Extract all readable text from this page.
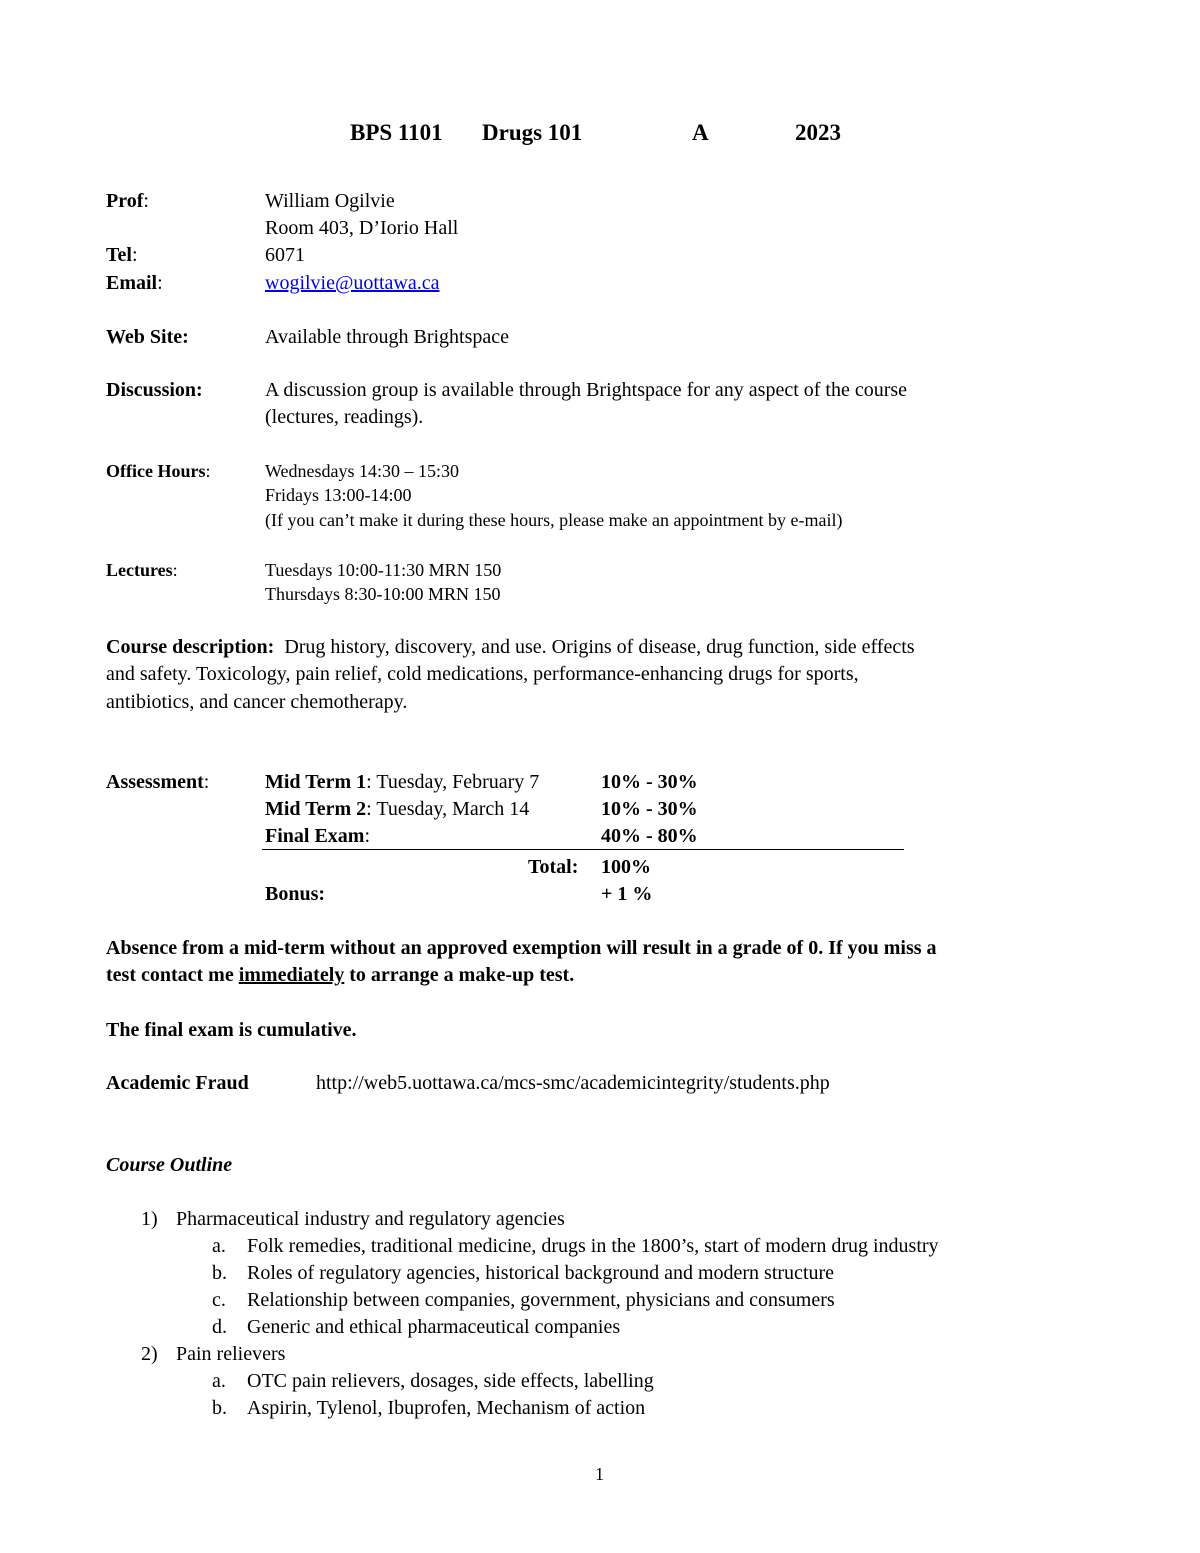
BPS 1101 Drugs 101	A	2023
Prof:	William Ogilvie
Room 403, D’Iorio Hall
Tel:	6071
Email:	wogilvie@uottawa.ca
Web Site:	Available through Brightspace
Discussion:	A discussion group is available through Brightspace for any aspect of the course
(lectures, readings).
Office Hours:	Wednesdays 14:30 – 15:30
Fridays 13:00-14:00
(If you can’t make it during these hours, please make an appointment by e-mail)
Lectures:	Tuesdays 10:00-11:30 MRN 150
Thursdays 8:30-10:00 MRN 150
Course description: Drug history, discovery, and use. Origins of disease, drug function, side effects
and safety. Toxicology, pain relief, cold medications, performance-enhancing drugs for sports,
antibiotics, and cancer chemotherapy.
Assessment:	Mid Term 1: Tuesday, February 7	10% - 30%
Mid Term 2: Tuesday, March 14	10% - 30%
Final Exam:	40% - 80%
Total: 100%
Bonus:	+ 1 %
Absence from a mid-term without an approved exemption will result in a grade of 0. If you miss a
test contact me immediately to arrange a make-up test.
The final exam is cumulative.
Academic Fraud	http://web5.uottawa.ca/mcs-smc/academicintegrity/students.php
Course Outline
1) Pharmaceutical industry and regulatory agencies
a. Folk remedies, traditional medicine, drugs in the 1800’s, start of modern drug industry
b. Roles of regulatory agencies, historical background and modern structure
c. Relationship between companies, government, physicians and consumers
d. Generic and ethical pharmaceutical companies
2) Pain relievers
a. OTC pain relievers, dosages, side effects, labelling
b. Aspirin, Tylenol, Ibuprofen, Mechanism of action
1
